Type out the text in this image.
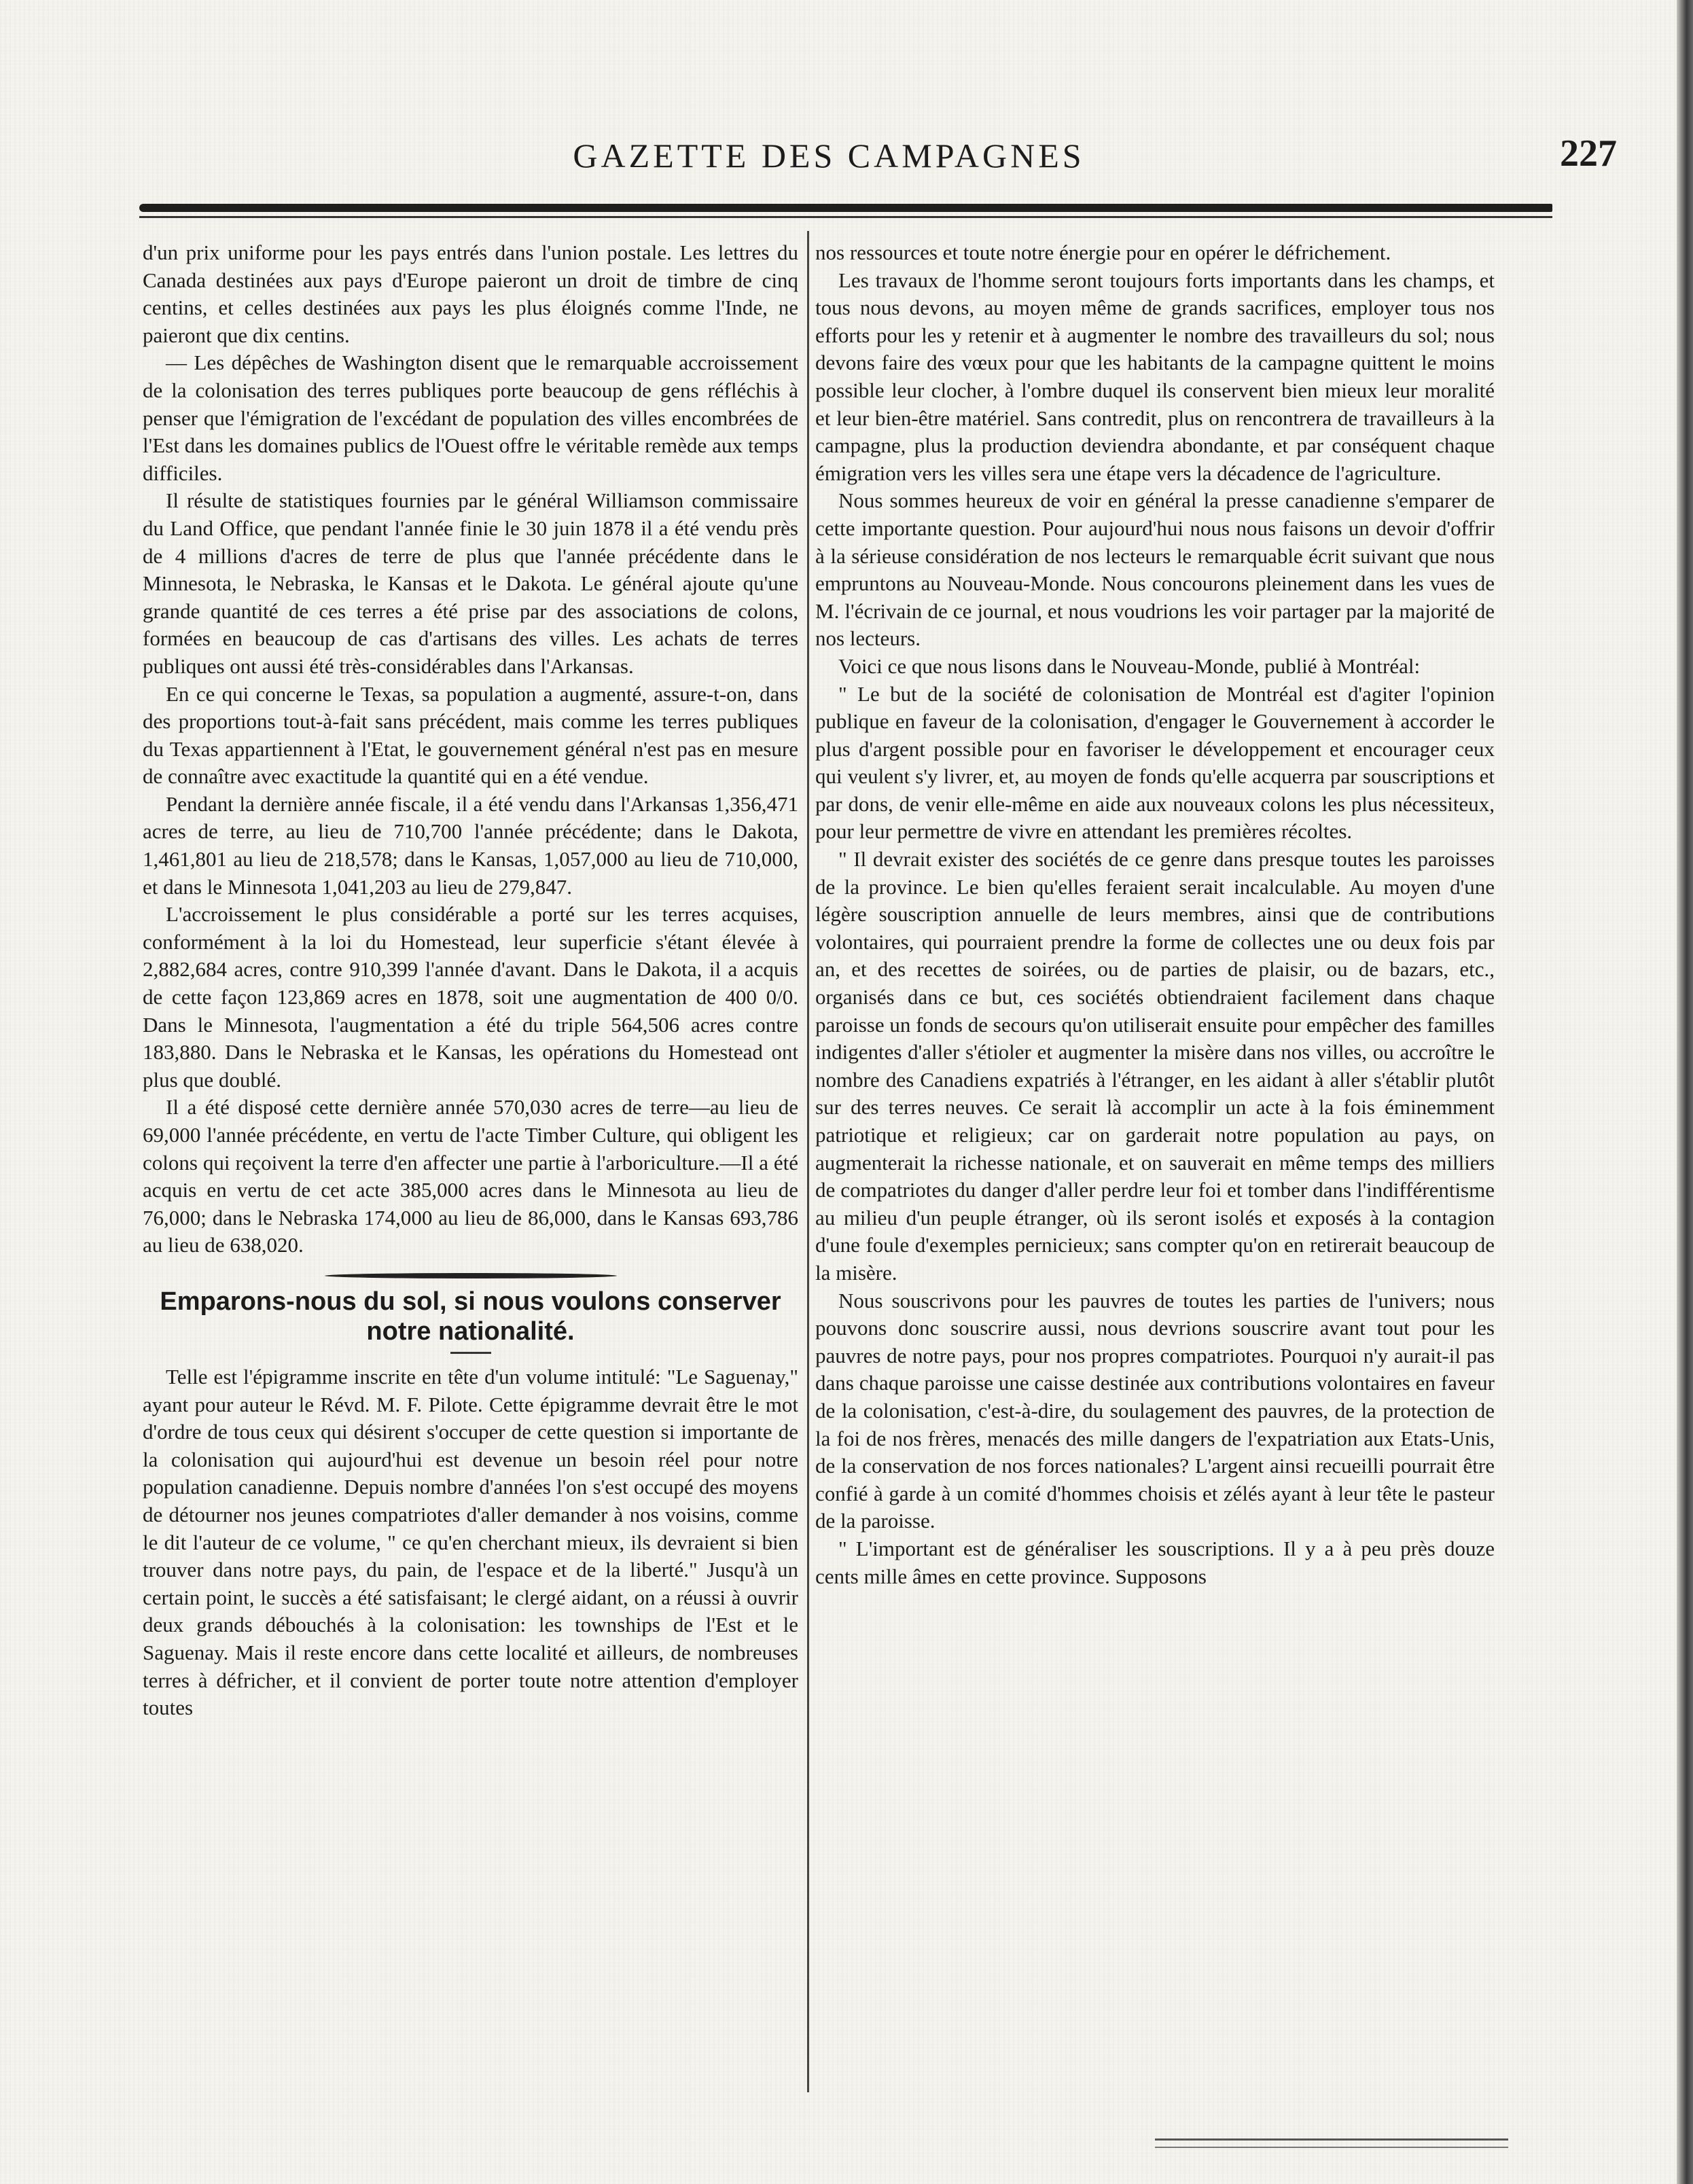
GAZETTE DES CAMPAGNES	227

d'un prix uniforme pour les pays entrés dans l'union postale. Les lettres du Canada destinées aux pays d'Europe paieront un droit de timbre de cinq centins, et celles destinées aux pays les plus éloignés comme l'Inde, ne paieront que dix centins.

— Les dépêches de Washington disent que le remarquable accroissement de la colonisation des terres publiques porte beaucoup de gens réfléchis à penser que l'émigration de l'excédant de population des villes encombrées de l'Est dans les domaines publics de l'Ouest offre le véritable remède aux temps difficiles.

Il résulte de statistiques fournies par le général Williamson commissaire du Land Office, que pendant l'année finie le 30 juin 1878 il a été vendu près de 4 millions d'acres de terre de plus que l'année précédente dans le Minnesota, le Nebraska, le Kansas et le Dakota. Le général ajoute qu'une grande quantité de ces terres a été prise par des associations de colons, formées en beaucoup de cas d'artisans des villes. Les achats de terres publiques ont aussi été très-considérables dans l'Arkansas.

En ce qui concerne le Texas, sa population a augmenté, assure-t-on, dans des proportions tout-à-fait sans précédent, mais comme les terres publiques du Texas appartiennent à l'Etat, le gouvernement général n'est pas en mesure de connaître avec exactitude la quantité qui en a été vendue.

Pendant la dernière année fiscale, il a été vendu dans l'Arkansas 1,356,471 acres de terre, au lieu de 710,700 l'année précédente; dans le Dakota, 1,461,801 au lieu de 218,578; dans le Kansas, 1,057,000 au lieu de 710,000, et dans le Minnesota 1,041,203 au lieu de 279,847.

L'accroissement le plus considérable a porté sur les terres acquises, conformément à la loi du Homestead, leur superficie s'étant élevée à 2,882,684 acres, contre 910,399 l'année d'avant. Dans le Dakota, il a acquis de cette façon 123,869 acres en 1878, soit une augmentation de 400 0/0. Dans le Minnesota, l'augmentation a été du triple 564,506 acres contre 183,880. Dans le Nebraska et le Kansas, les opérations du Homestead ont plus que doublé.

Il a été disposé cette dernière année 570,030 acres de terre—au lieu de 69,000 l'année précédente, en vertu de l'acte Timber Culture, qui obligent les colons qui reçoivent la terre d'en affecter une partie à l'arboriculture.—Il a été acquis en vertu de cet acte 385,000 acres dans le Minnesota au lieu de 76,000; dans le Nebraska 174,000 au lieu de 86,000, dans le Kansas 693,786 au lieu de 638,020.

Emparons-nous du sol, si nous voulons conserver notre nationalité.

Telle est l'épigramme inscrite en tête d'un volume intitulé: "Le Saguenay," ayant pour auteur le Révd. M. F. Pilote. Cette épigramme devrait être le mot d'ordre de tous ceux qui désirent s'occuper de cette question si importante de la colonisation qui aujourd'hui est devenue un besoin réel pour notre population canadienne. Depuis nombre d'années l'on s'est occupé des moyens de détourner nos jeunes compatriotes d'aller demander à nos voisins, comme le dit l'auteur de ce volume, " ce qu'en cherchant mieux, ils devraient si bien trouver dans notre pays, du pain, de l'espace et de la liberté." Jusqu'à un certain point, le succès a été satisfaisant; le clergé aidant, on a réussi à ouvrir deux grands débouchés à la colonisation: les townships de l'Est et le Saguenay. Mais il reste encore dans cette localité et ailleurs, de nombreuses terres à défricher, et il convient de porter toute notre attention d'employer toutes

nos ressources et toute notre énergie pour en opérer le défrichement.

Les travaux de l'homme seront toujours forts importants dans les champs, et tous nous devons, au moyen même de grands sacrifices, employer tous nos efforts pour les y retenir et à augmenter le nombre des travailleurs du sol; nous devons faire des vœux pour que les habitants de la campagne quittent le moins possible leur clocher, à l'ombre duquel ils conservent bien mieux leur moralité et leur bien-être matériel. Sans contredit, plus on rencontrera de travailleurs à la campagne, plus la production deviendra abondante, et par conséquent chaque émigration vers les villes sera une étape vers la décadence de l'agriculture.

Nous sommes heureux de voir en général la presse canadienne s'emparer de cette importante question. Pour aujourd'hui nous nous faisons un devoir d'offrir à la sérieuse considération de nos lecteurs le remarquable écrit suivant que nous empruntons au Nouveau-Monde. Nous concourons pleinement dans les vues de M. l'écrivain de ce journal, et nous voudrions les voir partager par la majorité de nos lecteurs.

Voici ce que nous lisons dans le Nouveau-Monde, publié à Montréal:

" Le but de la société de colonisation de Montréal est d'agiter l'opinion publique en faveur de la colonisation, d'engager le Gouvernement à accorder le plus d'argent possible pour en favoriser le développement et encourager ceux qui veulent s'y livrer, et, au moyen de fonds qu'elle acquerra par souscriptions et par dons, de venir elle-même en aide aux nouveaux colons les plus nécessiteux, pour leur permettre de vivre en attendant les premières récoltes.

" Il devrait exister des sociétés de ce genre dans presque toutes les paroisses de la province. Le bien qu'elles feraient serait incalculable. Au moyen d'une légère souscription annuelle de leurs membres, ainsi que de contributions volontaires, qui pourraient prendre la forme de collectes une ou deux fois par an, et des recettes de soirées, ou de parties de plaisir, ou de bazars, etc., organisés dans ce but, ces sociétés obtiendraient facilement dans chaque paroisse un fonds de secours qu'on utiliserait ensuite pour empêcher des familles indigentes d'aller s'étioler et augmenter la misère dans nos villes, ou accroître le nombre des Canadiens expatriés à l'étranger, en les aidant à aller s'établir plutôt sur des terres neuves. Ce serait là accomplir un acte à la fois éminemment patriotique et religieux; car on garderait notre population au pays, on augmenterait la richesse nationale, et on sauverait en même temps des milliers de compatriotes du danger d'aller perdre leur foi et tomber dans l'indifférentisme au milieu d'un peuple étranger, où ils seront isolés et exposés à la contagion d'une foule d'exemples pernicieux; sans compter qu'on en retirerait beaucoup de la misère.

Nous souscrivons pour les pauvres de toutes les parties de l'univers; nous pouvons donc souscrire aussi, nous devrions souscrire avant tout pour les pauvres de notre pays, pour nos propres compatriotes. Pourquoi n'y aurait-il pas dans chaque paroisse une caisse destinée aux contributions volontaires en faveur de la colonisation, c'est-à-dire, du soulagement des pauvres, de la protection de la foi de nos frères, menacés des mille dangers de l'expatriation aux Etats-Unis, de la conservation de nos forces nationales? L'argent ainsi recueilli pourrait être confié à garde à un comité d'hommes choisis et zélés ayant à leur tête le pasteur de la paroisse.

" L'important est de généraliser les souscriptions. Il y a à peu près douze cents mille âmes en cette province. Supposons
